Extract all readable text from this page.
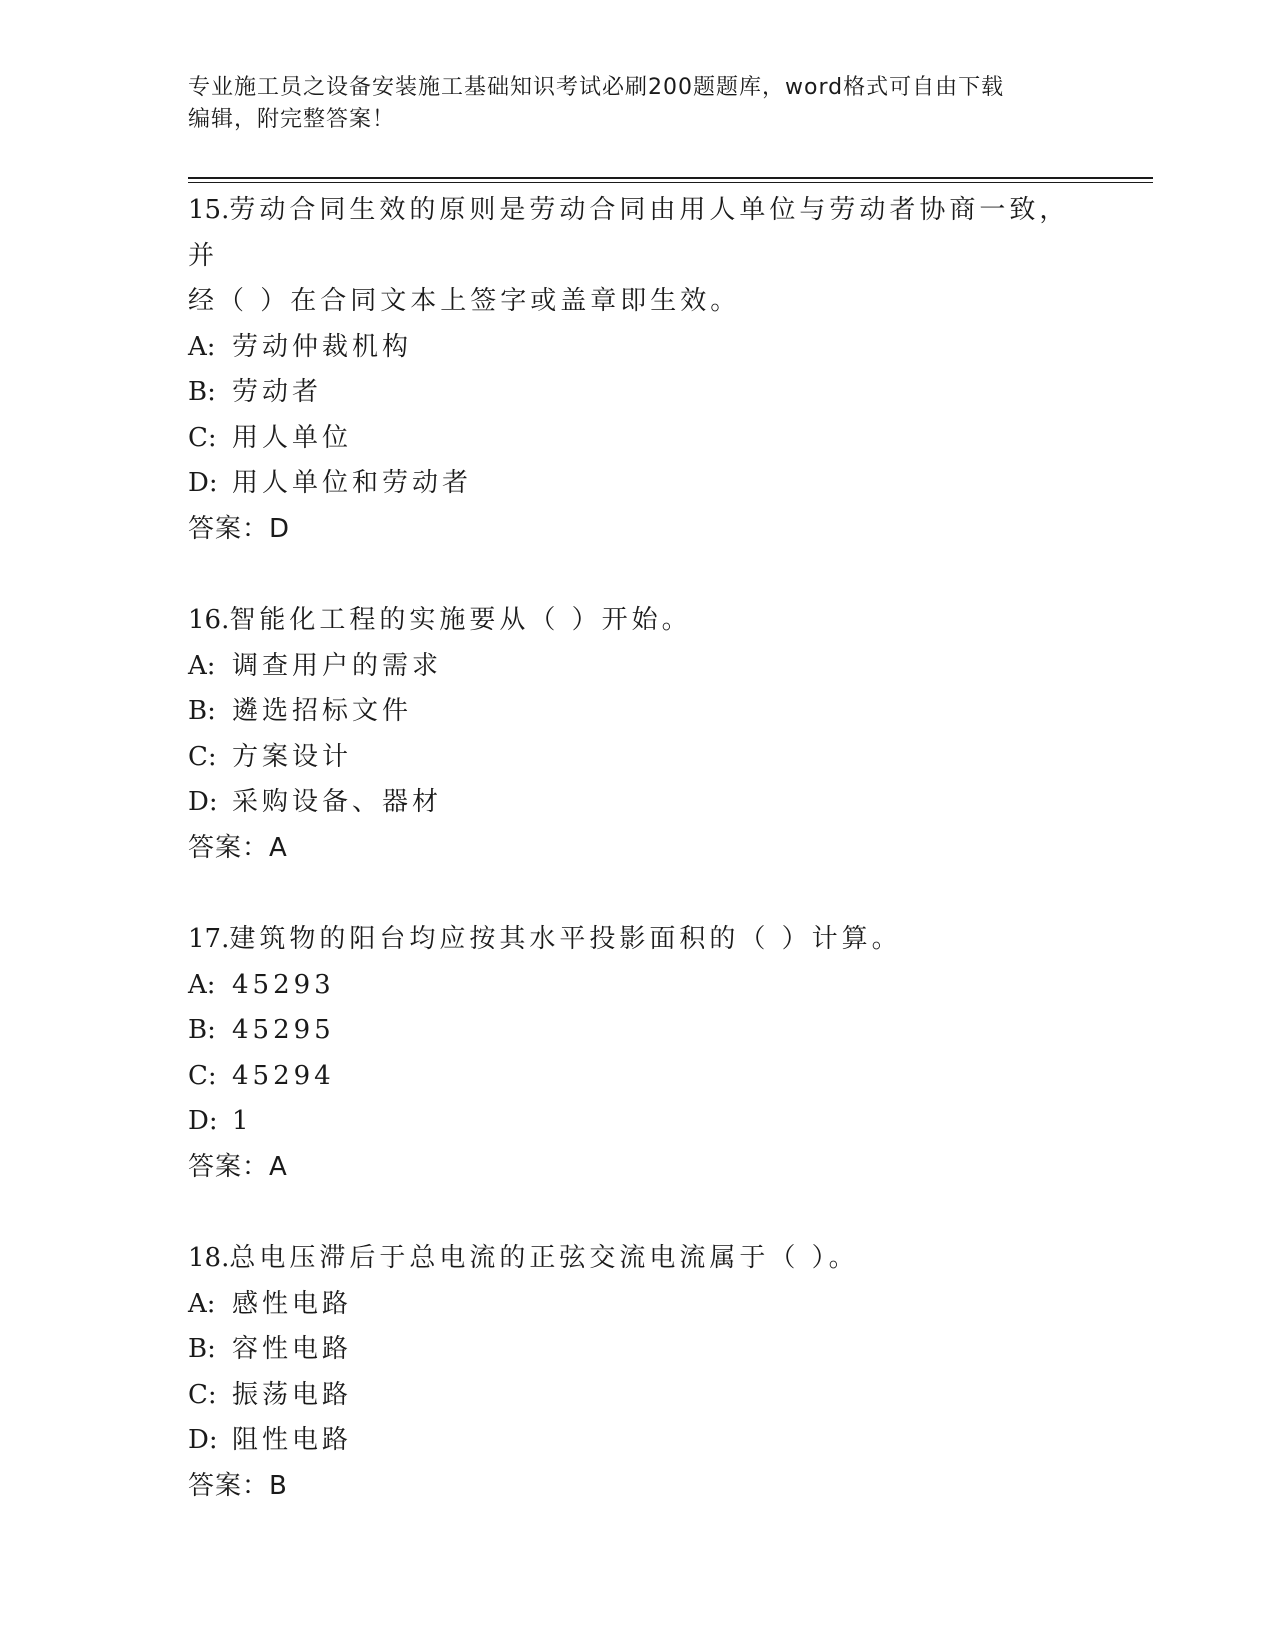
专业施工员之设备安装施工基础知识考试必刷200题题库，word格式可自由下载
编辑，附完整答案！
15.劳动合同生效的原则是劳动合同由用人单位与劳动者协商一致，并
经（ ）在合同文本上签字或盖章即生效。
A: 劳动仲裁机构
B: 劳动者
C: 用人单位
D: 用人单位和劳动者
答案：D
16.智能化工程的实施要从（ ）开始。
A: 调查用户的需求
B: 遴选招标文件
C: 方案设计
D: 采购设备、器材
答案：A
17.建筑物的阳台均应按其水平投影面积的（ ）计算。
A: 45293
B: 45295
C: 45294
D: 1
答案：A
18.总电压滞后于总电流的正弦交流电流属于（ ）。
A: 感性电路
B: 容性电路
C: 振荡电路
D: 阻性电路
答案：B
